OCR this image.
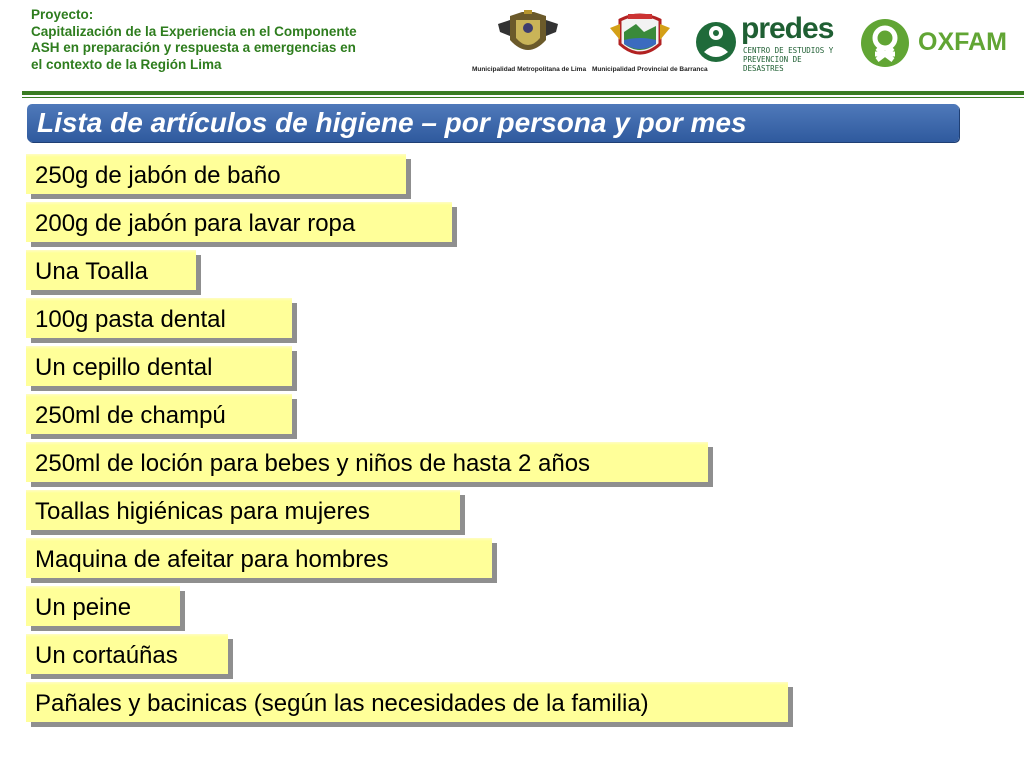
Proyecto:
Capitalización de la Experiencia en el Componente
ASH en preparación y respuesta a emergencias en
el contexto de la Región Lima	Municipalidad Metropolitana de Lima Municipalidad Provincial de Barranca
predes
CENTRO DE ESTUDIOS Y
PREVENCION DE DESASTRES
OXFAM
Lista de artículos de higiene – por persona y por mes
250g de jabón de baño
200g de jabón para lavar ropa
Una Toalla
100g pasta dental
Un cepillo dental
250ml de champú
250ml de loción para bebes y niños de hasta 2 años
Toallas higiénicas para mujeres
Maquina de afeitar para hombres
Un peine
Un cortaúñas
Pañales y bacinicas (según las necesidades de la familia)
